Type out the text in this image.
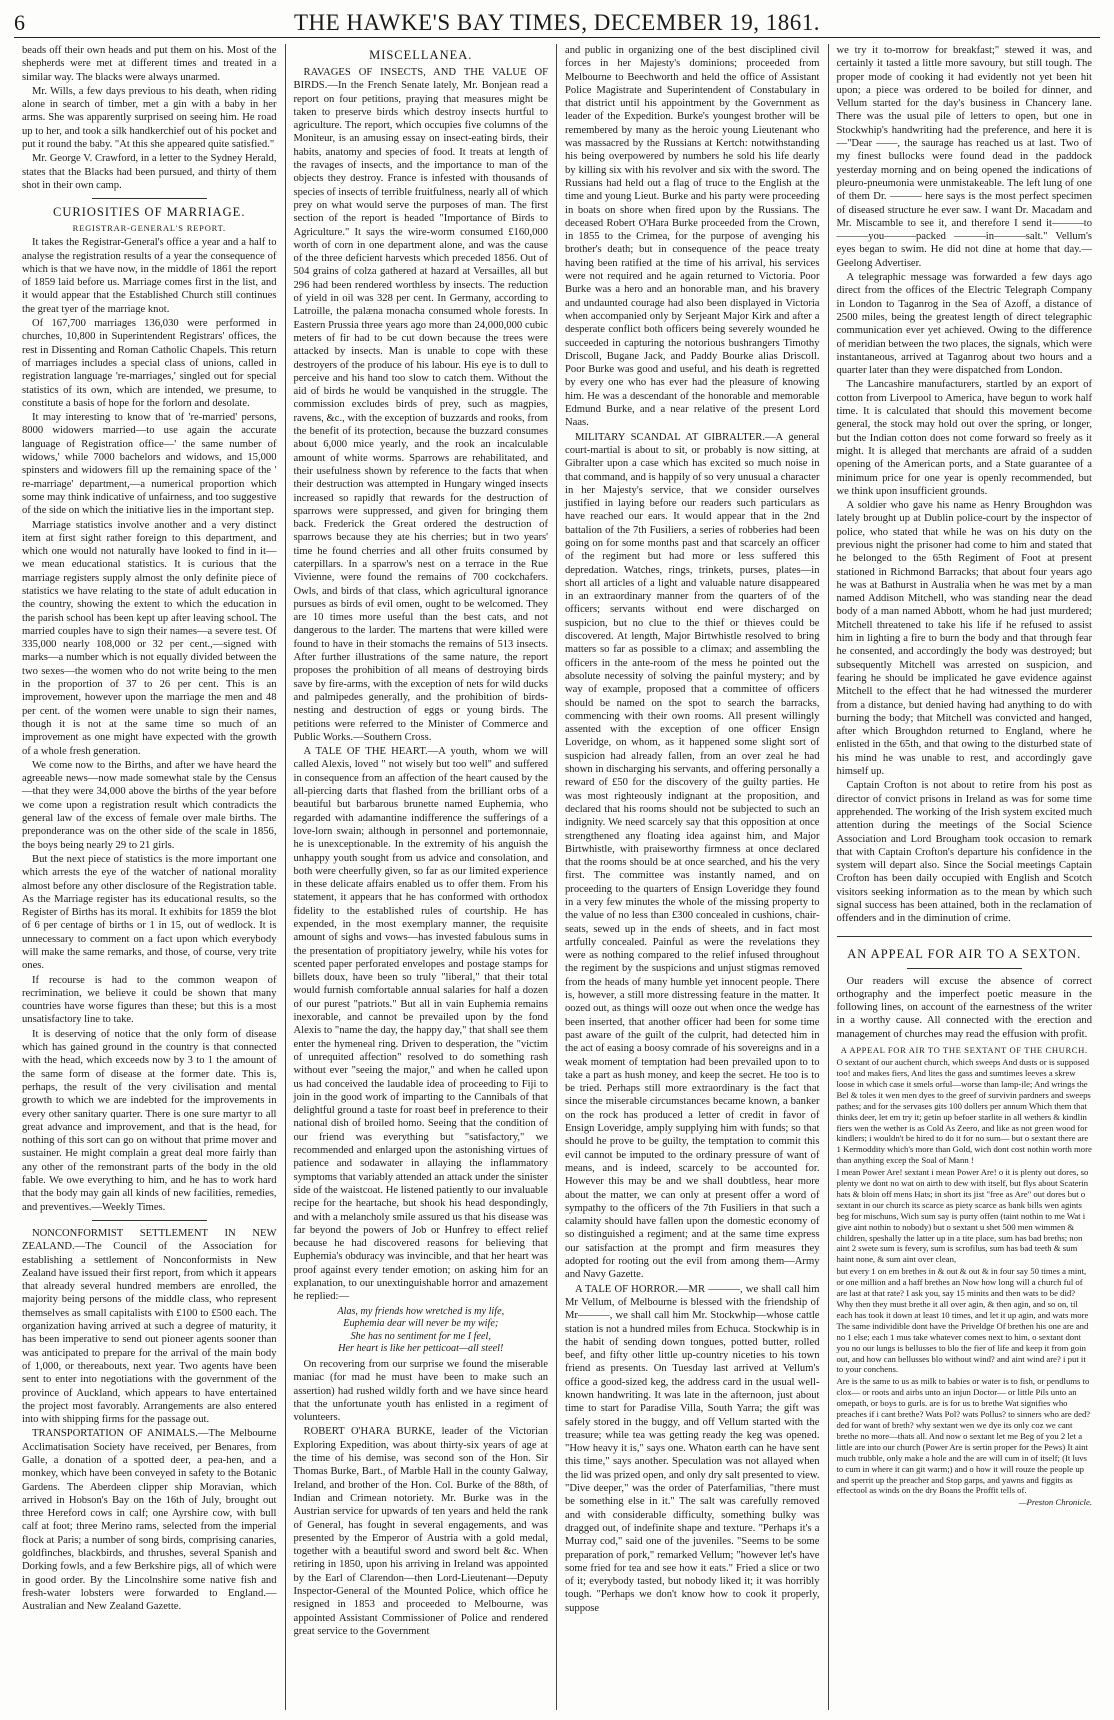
6	THE HAWKE'S BAY TIMES, DECEMBER 19, 1861.

beads off their own heads and put them on his. Most of the shepherds were met at different times and treated in a similar way. The blacks were always unarmed.

Mr. Wills, a few days previous to his death, when riding alone in search of timber, met a gin with a baby in her arms. She was apparently surprised on seeing him. He road up to her, and took a silk handkerchief out of his pocket and put it round the baby. "At this she appeared quite satisfied."

Mr. George V. Crawford, in a letter to the Sydney Herald, states that the Blacks had been pursued, and thirty of them shot in their own camp.

CURIOSITIES OF MARRIAGE.
REGISTRAR-GENERAL'S REPORT.

It takes the Registrar-General's office a year and a half to analyse the registration results of a year the consequence of which is that we have now, in the middle of 1861 the report of 1859 laid before us. Marriage comes first in the list, and it would appear that the Established Church still continues the great tyer of the marriage knot.

Of 167,700 marriages 136,030 were performed in churches, 10,800 in Superintendent Registrars' offices, the rest in Dissenting and Roman Catholic Chapels. This return of marriages includes a special class of unions, called in registration language 're-marriages,' singled out for special statistics of its own, which are intended, we presume, to constitute a basis of hope for the forlorn and desolate.

It may interesting to know that of 're-married' persons, 8000 widowers married—to use again the accurate language of Registration office—' the same number of widows,' while 7000 bachelors and widows, and 15,000 spinsters and widowers fill up the remaining space of the ' re-marriage' department,—a numerical proportion which some may think indicative of unfairness, and too suggestive of the side on which the initiative lies in the important step.

Marriage statistics involve another and a very distinct item at first sight rather foreign to this department, and which one would not naturally have looked to find in it—we mean educational statistics. It is curious that the marriage registers supply almost the only definite piece of statistics we have relating to the state of adult education in the country, showing the extent to which the education in the parish school has been kept up after leaving school. The married couples have to sign their names—a severe test. Of 335,000 nearly 108,000 or 32 per cent.,—signed with marks—a number which is not equally divided between the two sexes—the women who do not write being to the men in the proportion of 37 to 26 per cent. This is an improvement, however upon the marriage the men and 48 per cent. of the women were unable to sign their names, though it is not at the same time so much of an improvement as one might have expected with the growth of a whole fresh generation.

We come now to the Births, and after we have heard the agreeable news—now made somewhat stale by the Census—that they were 34,000 above the births of the year before we come upon a registration result which contradicts the general law of the excess of female over male births. The preponderance was on the other side of the scale in 1856, the boys being nearly 29 to 21 girls.

But the next piece of statistics is the more important one which arrests the eye of the watcher of national morality almost before any other disclosure of the Registration table. As the Marriage register has its educational results, so the Register of Births has its moral. It exhibits for 1859 the blot of 6 per centage of births or 1 in 15, out of wedlock. It is unnecessary to comment on a fact upon which everybody will make the same remarks, and those, of course, very trite ones.

If recourse is had to the common weapon of recrimination, we believe it could be shown that many countries have worse figures than these; but this is a most unsatisfactory line to take.

It is deserving of notice that the only form of disease which has gained ground in the country is that connected with the head, which exceeds now by 3 to 1 the amount of the same form of disease at the former date. This is, perhaps, the result of the very civilisation and mental growth to which we are indebted for the improvements in every other sanitary quarter. There is one sure martyr to all great advance and improvement, and that is the head, for nothing of this sort can go on without that prime mover and sustainer. He might complain a great deal more fairly than any other of the remonstrant parts of the body in the old fable. We owe everything to him, and he has to work hard that the body may gain all kinds of new facilities, remedies, and preventives.—Weekly Times.

NONCONFORMIST SETTLEMENT IN NEW ZEALAND.—The Council of the Association for establishing a settlement of Nonconformists in New Zealand have issued their first report, from which it appears that already several hundred members are enrolled, the majority being persons of the middle class, who represent themselves as small capitalists with £100 to £500 each. The organization having arrived at such a degree of maturity, it has been imperative to send out pioneer agents sooner than was anticipated to prepare for the arrival of the main body of 1,000, or thereabouts, next year. Two agents have been sent to enter into negotiations with the government of the province of Auckland, which appears to have entertained the project most favorably. Arrangements are also entered into with shipping firms for the passage out.

TRANSPORTATION OF ANIMALS.—The Melbourne Acclimatisation Society have received, per Benares, from Galle, a donation of a spotted deer, a pea-hen, and a monkey, which have been conveyed in safety to the Botanic Gardens. The Aberdeen clipper ship Moravian, which arrived in Hobson's Bay on the 16th of July, brought out three Hereford cows in calf; one Ayrshire cow, with bull calf at foot; three Merino rams, selected from the imperial flock at Paris; a number of song birds, comprising canaries, goldfinches, blackbirds, and thrushes, several Spanish and Dorking fowls, and a few Berkshire pigs, all of which were in good order. By the Lincolnshire some native fish and fresh-water lobsters were forwarded to England.—Australian and New Zealand Gazette.

MISCELLANEA.

RAVAGES OF INSECTS, AND THE VALUE OF BIRDS.—In the French Senate lately, Mr. Bonjean read a report on four petitions, praying that measures might be taken to preserve birds which destroy insects hurtful to agriculture. The report, which occupies five columns of the Moniteur, is an amusing essay on insect-eating birds, their habits, anatomy and species of food. It treats at length of the ravages of insects, and the importance to man of the objects they destroy. France is infested with thousands of species of insects of terrible fruitfulness, nearly all of which prey on what would serve the purposes of man. The first section of the report is headed "Importance of Birds to Agriculture." It says the wire-worm consumed £160,000 worth of corn in one department alone, and was the cause of the three deficient harvests which preceded 1856. Out of 504 grains of colza gathered at hazard at Versailles, all but 296 had been rendered worthless by insects. The reduction of yield in oil was 328 per cent. In Germany, according to Latroille, the palæna monacha consumed whole forests. In Eastern Prussia three years ago more than 24,000,000 cubic meters of fir had to be cut down because the trees were attacked by insects. Man is unable to cope with these destroyers of the produce of his labour. His eye is to dull to perceive and his hand too slow to catch them. Without the aid of birds he would be vanquished in the struggle. The commission excludes birds of prey, such as magpies, ravens, &c., with the exception of buzzards and rooks, from the benefit of its protection, because the buzzard consumes about 6,000 mice yearly, and the rook an incalculable amount of white worms. Sparrows are rehabilitated, and their usefulness shown by reference to the facts that when their destruction was attempted in Hungary winged insects increased so rapidly that rewards for the destruction of sparrows were suppressed, and given for bringing them back. Frederick the Great ordered the destruction of sparrows because they ate his cherries; but in two years' time he found cherries and all other fruits consumed by caterpillars. In a sparrow's nest on a terrace in the Rue Vivienne, were found the remains of 700 cockchafers. Owls, and birds of that class, which agricultural ignorance pursues as birds of evil omen, ought to be welcomed. They are 10 times more useful than the best cats, and not dangerous to the larder. The martens that were killed were found to have in their stomachs the remains of 513 insects. After further illustrations of the same nature, the report proposes the prohibition of all means of destroying birds save by fire-arms, with the exception of nets for wild ducks and palmipedes generally, and the prohibition of birds-nesting and destruction of eggs or young birds. The petitions were referred to the Minister of Commerce and Public Works.—Southern Cross.

A TALE OF THE HEART.—A youth, whom we will called Alexis, loved " not wisely but too well" and suffered in consequence from an affection of the heart caused by the all-piercing darts that flashed from the brilliant orbs of a beautiful but barbarous brunette named Euphemia, who regarded with adamantine indifference the sufferings of a love-lorn swain; although in personnel and portemonnaie, he is unexceptionable. In the extremity of his anguish the unhappy youth sought from us advice and consolation, and both were cheerfully given, so far as our limited experience in these delicate affairs enabled us to offer them. From his statement, it appears that he has conformed with orthodox fidelity to the established rules of courtship. He has expended, in the most exemplary manner, the requisite amount of sighs and vows—has invested fabulous sums in the presentation of propitiatory jewelry, while his votes for scented paper perforated envelopes and postage stamps for billets doux, have been so truly "liberal," that their total would furnish comfortable annual salaries for half a dozen of our purest "patriots." But all in vain Euphemia remains inexorable, and cannot be prevailed upon by the fond Alexis to "name the day, the happy day," that shall see them enter the hymeneal ring. Driven to desperation, the "victim of unrequited affection" resolved to do something rash without ever "seeing the major," and when he called upon us had conceived the laudable idea of proceeding to Fiji to join in the good work of imparting to the Cannibals of that delightful ground a taste for roast beef in preference to their national dish of broiled homo. Seeing that the condition of our friend was everything but "satisfactory," we recommended and enlarged upon the astonishing virtues of patience and sodawater in allaying the inflammatory symptoms that variably attended an attack under the sinister side of the waistcoat. He listened patiently to our invaluable recipe for the heartache, but shook his head despondingly, and with a melancholy smile assured us that his disease was far beyond the powers of Job or Hunfrey to effect relief because he had discovered reasons for believing that Euphemia's obduracy was invincible, and that her heart was proof against every tender emotion; on asking him for an explanation, to our unextinguishable horror and amazement he replied:—

Alas, my friends how wretched is my life,
Euphemia dear will never be my wife;
She has no sentiment for me I feel,
Her heart is like her petticoat—all steel!

On recovering from our surprise we found the miserable maniac (for mad he must have been to make such an assertion) had rushed wildly forth and we have since heard that the unfortunate youth has enlisted in a regiment of volunteers.

ROBERT O'HARA BURKE, leader of the Victorian Exploring Expedition, was about thirty-six years of age at the time of his demise, was second son of the Hon. Sir Thomas Burke, Bart., of Marble Hall in the county Galway, Ireland, and brother of the Hon. Col. Burke of the 88th, of Indian and Crimean notoriety. Mr. Burke was in the Austrian service for upwards of ten years and held the rank of General, has fought in several engagements, and was presented by the Emperor of Austria with a gold medal, together with a beautiful sword and sword belt &c. When retiring in 1850, upon his arriving in Ireland was appointed by the Earl of Clarendon—then Lord-Lieutenant—Deputy Inspector-General of the Mounted Police, which office he resigned in 1853 and proceeded to Melbourne, was appointed Assistant Commissioner of Police and rendered great service to the Government

and public in organizing one of the best disciplined civil forces in her Majesty's dominions; proceeded from Melbourne to Beechworth and held the office of Assistant Police Magistrate and Superintendent of Constabulary in that district until his appointment by the Government as leader of the Expedition. Burke's youngest brother will be remembered by many as the heroic young Lieutenant who was massacred by the Russians at Kertch: notwithstanding his being overpowered by numbers he sold his life dearly by killing six with his revolver and six with the sword. The Russians had held out a flag of truce to the English at the time and young Lieut. Burke and his party were proceeding in boats on shore when fired upon by the Russians. The deceased Robert O'Hara Burke proceeded from the Crown, in 1855 to the Crimea, for the purpose of avenging his brother's death; but in consequence of the peace treaty having been ratified at the time of his arrival, his services were not required and he again returned to Victoria. Poor Burke was a hero and an honorable man, and his bravery and undaunted courage had also been displayed in Victoria when accompanied only by Serjeant Major Kirk and after a desperate conflict both officers being severely wounded he succeeded in capturing the notorious bushrangers Timothy Driscoll, Bugane Jack, and Paddy Bourke alias Driscoll. Poor Burke was good and useful, and his death is regretted by every one who has ever had the pleasure of knowing him. He was a descendant of the honorable and memorable Edmund Burke, and a near relative of the present Lord Naas.

MILITARY SCANDAL AT GIBRALTER.—A general court-martial is about to sit, or probably is now sitting, at Gibralter upon a case which has excited so much noise in that command, and is happily of so very unusual a character in her Majesty's service, that we consider ourselves justified in laying before our readers such particulars as have reached our ears. It would appear that in the 2nd battalion of the 7th Fusiliers, a series of robberies had been going on for some months past and that scarcely an officer of the regiment but had more or less suffered this depredation. Watches, rings, trinkets, purses, plates—in short all articles of a light and valuable nature disappeared in an extraordinary manner from the quarters of of the officers; servants without end were discharged on suspicion, but no clue to the thief or thieves could be discovered. At length, Major Birtwhistle resolved to bring matters so far as possible to a climax; and assembling the officers in the ante-room of the mess he pointed out the absolute necessity of solving the painful mystery; and by way of example, proposed that a committee of officers should be named on the spot to search the barracks, commencing with their own rooms. All present willingly assented with the exception of one officer Ensign Loveridge, on whom, as it happened some slight sort of suspicion had already fallen, from an over zeal he had shown in discharging his servants, and offering personally a reward of £50 for the discovery of the guilty parties. He was most righteously indignant at the proposition, and declared that his rooms should not be subjected to such an indignity. We need scarcely say that this opposition at once strengthened any floating idea against him, and Major Birtwhistle, with praiseworthy firmness at once declared that the rooms should be at once searched, and his the very first. The committee was instantly named, and on proceeding to the quarters of Ensign Loveridge they found in a very few minutes the whole of the missing property to the value of no less than £300 concealed in cushions, chair-seats, sewed up in the ends of sheets, and in fact most artfully concealed. Painful as were the revelations they were as nothing compared to the relief infused throughout the regiment by the suspicions and unjust stigmas removed from the heads of many humble yet innocent people. There is, however, a still more distressing feature in the matter. It oozed out, as things will ooze out when once the wedge has been inserted, that another officer had been for some time past aware of the guilt of the culprit, had detected him in the act of easing a boosy comrade of his sovereigns and in a weak moment of temptation had been prevailed upon to to take a part as hush money, and keep the secret. He too is to be tried. Perhaps still more extraordinary is the fact that since the miserable circumstances became known, a banker on the rock has produced a letter of credit in favor of Ensign Loveridge, amply supplying him with funds; so that should he prove to be guilty, the temptation to commit this evil cannot be imputed to the ordinary pressure of want of means, and is indeed, scarcely to be accounted for. However this may be and we shall doubtless, hear more about the matter, we can only at present offer a word of sympathy to the officers of the 7th Fusiliers in that such a calamity should have fallen upon the domestic economy of so distinguished a regiment; and at the same time express our satisfaction at the prompt and firm measures they adopted for rooting out the evil from among them—Army and Navy Gazette.

A TALE OF HORROR.—MR ———, we shall call him Mr Vellum, of Melbourne is blessed with the friendship of Mr———, we shall call him Mr. Stockwhip—whose cattle station is not a hundred miles from Echuca. Stockwhip is in the habit of sending down tongues, potted butter, rolled beef, and fifty other little up-country niceties to his town friend as presents. On Tuesday last arrived at Vellum's office a good-sized keg, the address card in the usual well-known handwriting. It was late in the afternoon, just about time to start for Paradise Villa, South Yarra; the gift was safely stored in the buggy, and off Vellum started with the treasure; while tea was getting ready the keg was opened. "How heavy it is," says one. Whaton earth can he have sent this time," says another. Speculation was not allayed when the lid was prized open, and only dry salt presented to view. "Dive deeper," was the order of Paterfamilias, "there must be something else in it." The salt was carefully removed and with considerable difficulty, something bulky was dragged out, of indefinite shape and texture. "Perhaps it's a Murray cod," said one of the juveniles. "Seems to be some preparation of pork," remarked Vellum; "however let's have some fried for tea and see how it eats." Fried a slice or two of it; everybody tasted, but nobody liked it; it was horribly tough. "Perhaps we don't know how to cook it properly, suppose

we try it to-morrow for breakfast;" stewed it was, and certainly it tasted a little more savoury, but still tough. The proper mode of cooking it had evidently not yet been hit upon; a piece was ordered to be boiled for dinner, and Vellum started for the day's business in Chancery lane. There was the usual pile of letters to open, but one in Stockwhip's handwriting had the preference, and here it is—"Dear ——, the saurage has reached us at last. Two of my finest bullocks were found dead in the paddock yesterday morning and on being opened the indications of pleuro-pneumonia were unmistakeable. The left lung of one of them Dr. ——— here says is the most perfect specimen of diseased structure he ever saw. I want Dr. Macadam and Mr. Miscamble to see it, and therefore I send it———to———you———packed ———in———salt." Vellum's eyes began to swim. He did not dine at home that day.—Geelong Advertiser.

A telegraphic message was forwarded a few days ago direct from the offices of the Electric Telegraph Company in London to Taganrog in the Sea of Azoff, a distance of 2500 miles, being the greatest length of direct telegraphic communication ever yet achieved. Owing to the difference of meridian between the two places, the signals, which were instantaneous, arrived at Taganrog about two hours and a quarter later than they were dispatched from London.

The Lancashire manufacturers, startled by an export of cotton from Liverpool to America, have begun to work half time. It is calculated that should this movement become general, the stock may hold out over the spring, or longer, but the Indian cotton does not come forward so freely as it might. It is alleged that merchants are afraid of a sudden opening of the American ports, and a State guarantee of a minimum price for one year is openly recommended, but we think upon insufficient grounds.

A soldier who gave his name as Henry Broughdon was lately brought up at Dublin police-court by the inspector of police, who stated that while he was on his duty on the previous night the prisoner had come to him and stated that he belonged to the 65th Regiment of Foot at present stationed in Richmond Barracks; that about four years ago he was at Bathurst in Australia when he was met by a man named Addison Mitchell, who was standing near the dead body of a man named Abbott, whom he had just murdered; Mitchell threatened to take his life if he refused to assist him in lighting a fire to burn the body and that through fear he consented, and accordingly the body was destroyed; but subsequently Mitchell was arrested on suspicion, and fearing he should be implicated he gave evidence against Mitchell to the effect that he had witnessed the murderer from a distance, but denied having had anything to do with burning the body; that Mitchell was convicted and hanged, after which Broughdon returned to England, where he enlisted in the 65th, and that owing to the disturbed state of his mind he was unable to rest, and accordingly gave himself up.

Captain Crofton is not about to retire from his post as director of convict prisons in Ireland as was for some time apprehended. The working of the Irish system excited much attention during the meetings of the Social Science Association and Lord Brougham took occasion to remark that with Captain Crofton's departure his confidence in the system will depart also. Since the Social meetings Captain Crofton has been daily occupied with English and Scotch visitors seeking information as to the mean by which such signal success has been attained, both in the reclamation of offenders and in the diminution of crime.

AN APPEAL FOR AIR TO A SEXTON.

Our readers will excuse the absence of correct orthography and the imperfect poetic measure in the following lines, on account of the earnestness of the writer in a worthy cause. All connected with the erection and management of churches may read the effusion with profit.

A APPEAL FOR AIR TO THE SEXTANT OF THE CHURCH.

O sextant of our auchent church, which sweeps And dusts or is supposed too! and makes fiers, And lites the gass and sumtimes leeves a skrew loose in which case it smels orful—worse than lamp-ile; And wrings the Bel & toles it wen men dyes to the greef of survivin pardners and sweeps pathes; and for the servases gits 100 dollers per annum Which them that thinks deer, let em try it; getin up befoer starlite in all wethers & kindlin fiers wen the wether is as Cold As Zeero, and like as not green wood for kindlers; i wouldn't be hired to do it for no sum— but o sextant there are 1 Kermoddity which's more than Gold, wich dont cost nothin worth more than anything excep the Soal of Mann !

I mean Power Are! sextant i mean Power Are! o it is plenty out dores, so plenty we dont no wat on airth to dew with itself, but flys about Scaterin hats & bloin off mens Hats; in short its jist "free as Are" out dores but o sextant in our church its scarce as piety scarce as bank bills wen agints beg for mischuns, Wich sum say is purty offen (taint nothin to me Wat i give aint nothin to nobody) but o sextant u shet 500 men wimmen & children, speshally the latter up in a tite place, sum has bad breths; non aint 2 swete sum is fevery, sum is scrofilus, sum has bad teeth & sum haint none, & sum aint over clean,

but every 1 on em brethes in & out & out & in four say 50 times a mint, or one million and a haff brethes an Now how long will a church ful of are last at that rate? I ask you, say 15 minits and then wats to be did? Why then they must brethe it all over agin, & then agin, and so on, til each has took it down at least 10 times, and let it up agin, and wats more The same individible dont have the Priveldge Of brethen his one are and no 1 else; each 1 mus take whatever comes next to him, o sextant dont you no our lungs is bellusses to blo the fier of life and keep it from goin out, and how can bellusses blo without wind? and aint wind are? i put it to your conchens.

Are is the same to us as milk to babies or water is to fish, or pendlums to clox— or roots and airbs unto an injun Doctor— or little Pils unto an omepath, or boys to gurls. are is for us to brethe Wat signifies who preaches if i cant brethe? Wats Pol? wats Pollus? to sinners who are ded? ded for want of breth? why sextant wen we dye its only coz we cant brethe no more—thats all. And now o sextant let me Beg of you 2 let a little are into our church (Power Are is sertin proper for the Pews) It aint much trubble, only make a hole and the are will cum in of itself; (It luvs to cum in where it can git warm;) and o how it will rouze the people up and sperrit up the preacher and Stop garps, and yawns and figgits as effectool as winds on the dry Boans the Proffit tells of.

—Preston Chronicle.
